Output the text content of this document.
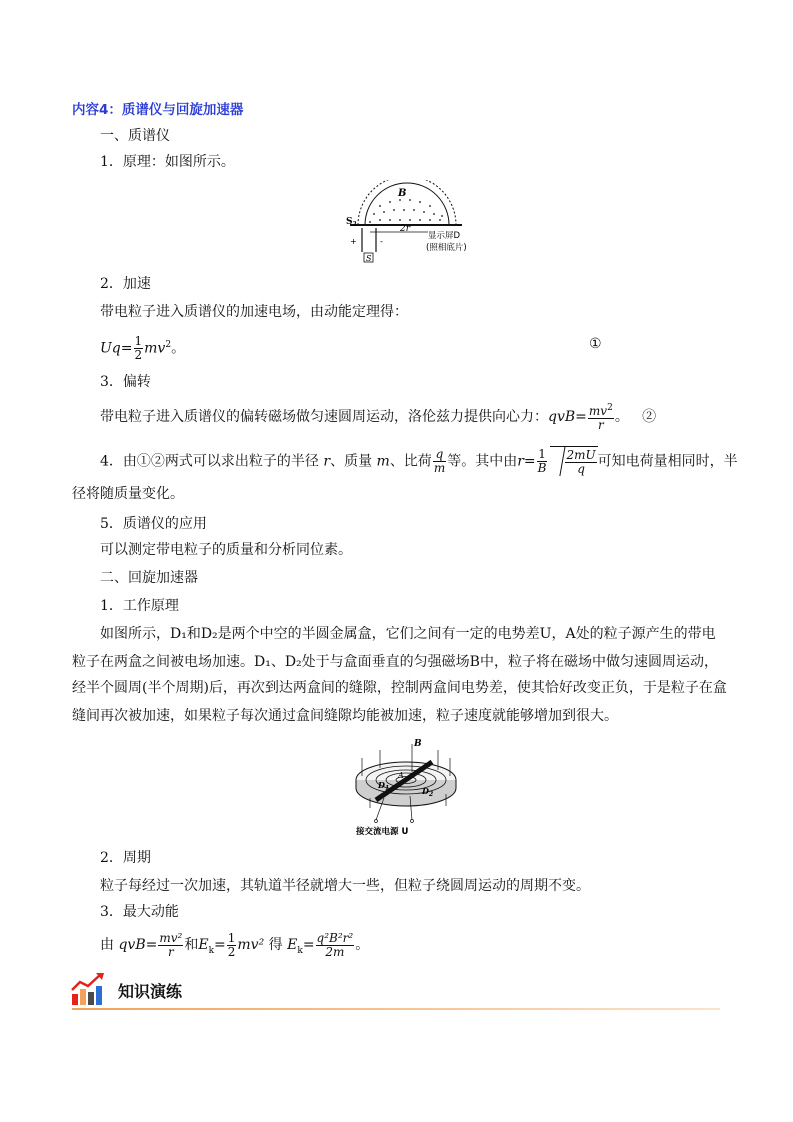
内容4：质谱仪与回旋加速器
一、质谱仪
1．原理：如图所示。
2r
B
$S_2$
+	-
S
显示屏D
(照相底片)
2．加速
带电粒子进入质谱仪的加速电场，由动能定理得：
$Uq= \frac{1}{2} mv^2$。	①
3．偏转
带电粒子进入质谱仪的偏转磁场做匀速圆周运动，洛伦兹力提供向心力：$qvB= \frac{mv^2}{r}$ 。 ②
4．由①②两式可以求出粒子的半径 r、质量 m、比荷 $\frac{q}{m}$ 等。其中由$r= \frac{1}{B} \frac{2mU}{q}$ 可知电荷量相同时，半
径将随质量变化。
5．质谱仪的应用
可以测定带电粒子的质量和分析同位素。
二、回旋加速器
1．工作原理
如图所示，D₁和D₂是两个中空的半圆金属盒，它们之间有一定的电势差U，A处的粒子源产生的带电
粒子在两盒之间被电场加速。D₁、D₂处于与盒面垂直的匀强磁场B中，粒子将在磁场中做匀速圆周运动，
经半个圆周(半个周期)后，再次到达两盒间的缝隙，控制两盒间电势差，使其恰好改变正负，于是粒子在盒
缝间再次被加速，如果粒子每次通过盒间缝隙均能被加速，粒子速度就能够增加到很大。
B
A
$D_1$	$D_2$
接交流电源 U
2．周期
粒子每经过一次加速，其轨道半径就增大一些，但粒子绕圆周运动的周期不变。
3．最大动能
由 $qvB= \frac{\text{mv²}}{r}$ 和$E_k= \frac{1}{2} mv^2$ 得 $E_k= \frac{\text{q²B²r²}}{2m}$ 。
知识演练
